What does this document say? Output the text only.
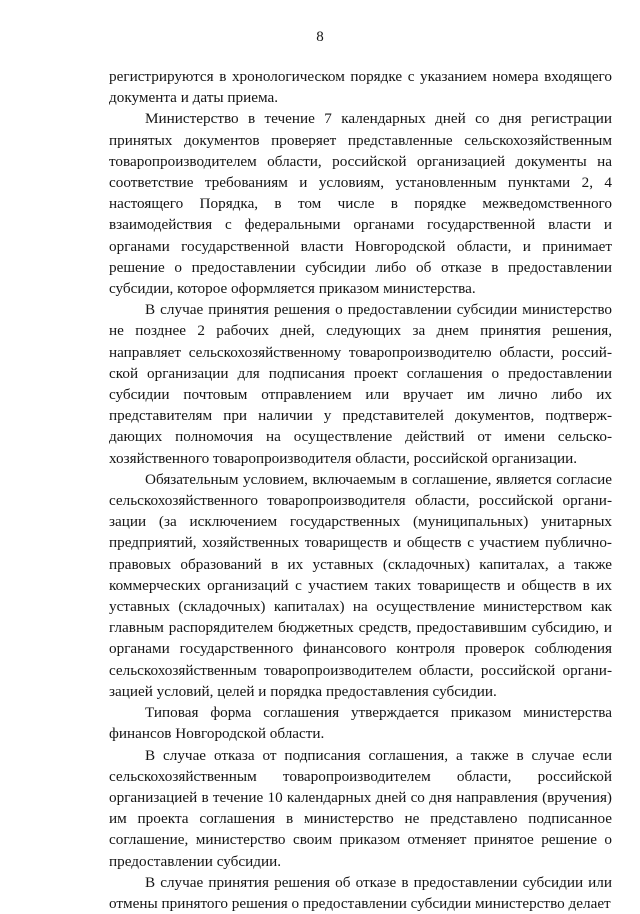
8

регистрируются в хронологическом порядке с указанием номера входящего документа и даты приема.

Министерство в течение 7 календарных дней со дня регистрации принятых документов проверяет представленные сельскохозяйственным товаропроизводителем области, российской организацией документы на соответствие требованиям и условиям, установленным пунктами 2, 4 настоящего Порядка, в том числе в порядке межведомственного взаимодействия с федеральными органами государственной власти и органами государственной власти Новгородской области, и принимает решение о предоставлении субсидии либо об отказе в предоставлении субсидии, которое оформляется приказом министерства.

В случае принятия решения о предоставлении субсидии министерство не позднее 2 рабочих дней, следующих за днем принятия решения, направляет сельскохозяйственному товаропроизводителю области, российской организации для подписания проект соглашения о предоставлении субсидии почтовым отправлением или вручает им лично либо их представителям при наличии у представителей документов, подтверждающих полномочия на осуществление действий от имени сельскохозяйственного товаропроизводителя области, российской организации.

Обязательным условием, включаемым в соглашение, является согласие сельскохозяйственного товаропроизводителя области, российской организации (за исключением государственных (муниципальных) унитарных предприятий, хозяйственных товариществ и обществ с участием публично-правовых образований в их уставных (складочных) капиталах, а также коммерческих организаций с участием таких товариществ и обществ в их уставных (складочных) капиталах) на осуществление министерством как главным распорядителем бюджетных средств, предоставившим субсидию, и органами государственного финансового контроля проверок соблюдения сельскохозяйственным товаропроизводителем области, российской организацией условий, целей и порядка предоставления субсидии.

Типовая форма соглашения утверждается приказом министерства финансов Новгородской области.

В случае отказа от подписания соглашения, а также в случае если сельскохозяйственным товаропроизводителем области, российской организацией в течение 10 календарных дней со дня направления (вручения) им проекта соглашения в министерство не представлено подписанное соглашение, министерство своим приказом отменяет принятое решение о предоставлении субсидии.

В случае принятия решения об отказе в предоставлении субсидии или отмены принятого решения о предоставлении субсидии министерство делает
